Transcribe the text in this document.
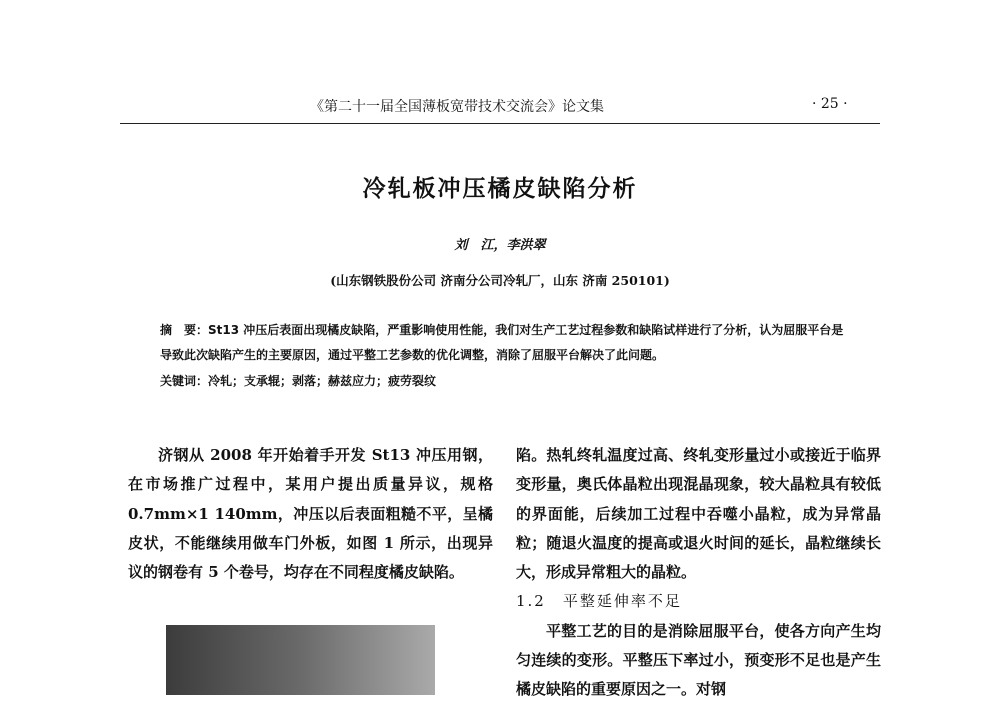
《第二十一届全国薄板宽带技术交流会》论文集	· 25 ·
冷轧板冲压橘皮缺陷分析
刘　江，李洪翠
(山东钢铁股份公司 济南分公司冷轧厂，山东 济南 250101)
摘　要：St13 冲压后表面出现橘皮缺陷，严重影响使用性能，我们对生产工艺过程参数和缺陷试样进行了分析，认为屈服平台是导致此次缺陷产生的主要原因，通过平整工艺参数的优化调整，消除了屈服平台解决了此问题。
关键词：冷轧；支承辊；剥落；赫兹应力；疲劳裂纹
济钢从 2008 年开始着手开发 St13 冲压用钢，在市场推广过程中，某用户提出质量异议，规格 0.7mm×1 140mm，冲压以后表面粗糙不平，呈橘皮状，不能继续用做车门外板，如图 1 所示，出现异议的钢卷有 5 个卷号，均存在不同程度橘皮缺陷。
陷。热轧终轧温度过高、终轧变形量过小或接近于临界变形量，奥氏体晶粒出现混晶现象，较大晶粒具有较低的界面能，后续加工过程中吞噬小晶粒，成为异常晶粒；随退火温度的提高或退火时间的延长，晶粒继续长大，形成异常粗大的晶粒。
1.2　平整延伸率不足
平整工艺的目的是消除屈服平台，使各方向产生均匀连续的变形。平整压下率过小，预变形不足也是产生橘皮缺陷的重要原因之一。对钢
